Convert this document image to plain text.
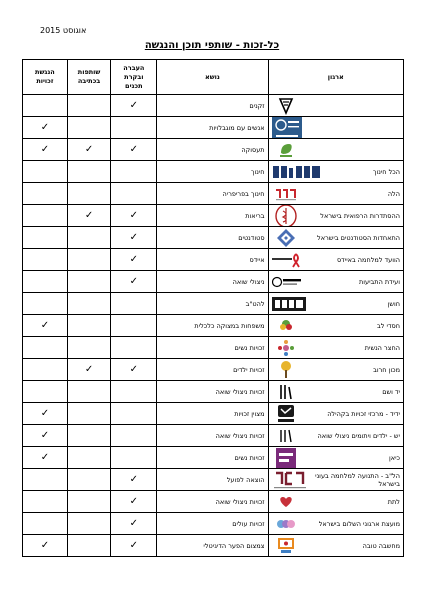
אוגוסט 2015
כל-זכות - שותפי תוכן והנגשה
ארגון	נושא	העברה ובקרת תכנים	שותפות בכתיבה	הנגשת זכויות

	זקנים	✓		

	אנשים עם מוגבלויות			✓

	תעסוקה	✓	✓	✓

הכל חינוך	חינוך			

הלה	חינוך בפריפריה			

ההסתדרות הרפואית בישראל	בריאות	✓	✓	

התאחדות הסטודנטים בישראל	סטודנטים	✓		

הוועד למלחמה באיידס	איידס	✓		

ועידת התביעות	ניצולי שואה	✓		

חושן	להט"ב			

חסדי לב	משפחות במצוקה כלכלית			✓

החצר הנשית	זכויות נשים			

מכון חרוב	זכויות ילדים	✓	✓	

יד ושם	זכויות ניצולי שואה			

ידיד - מרכזי זכויות בקהילה	מצוין זכויות			✓

יש - ילדים ויתומים ניצולי שואה	זכויות ניצולי שואה			✓

כיאן	זכויות נשים			✓

הל"ב - התנועה למלחמה בעוני בישראל	הוצאה לפועל	✓		

לתת	זכויות ניצולי שואה	✓		

מועצת ארגוני השלום בישראל	זכויות עולים	✓		

מחשבה טובה	צמצום הפער הדיגיטלי	✓		✓
